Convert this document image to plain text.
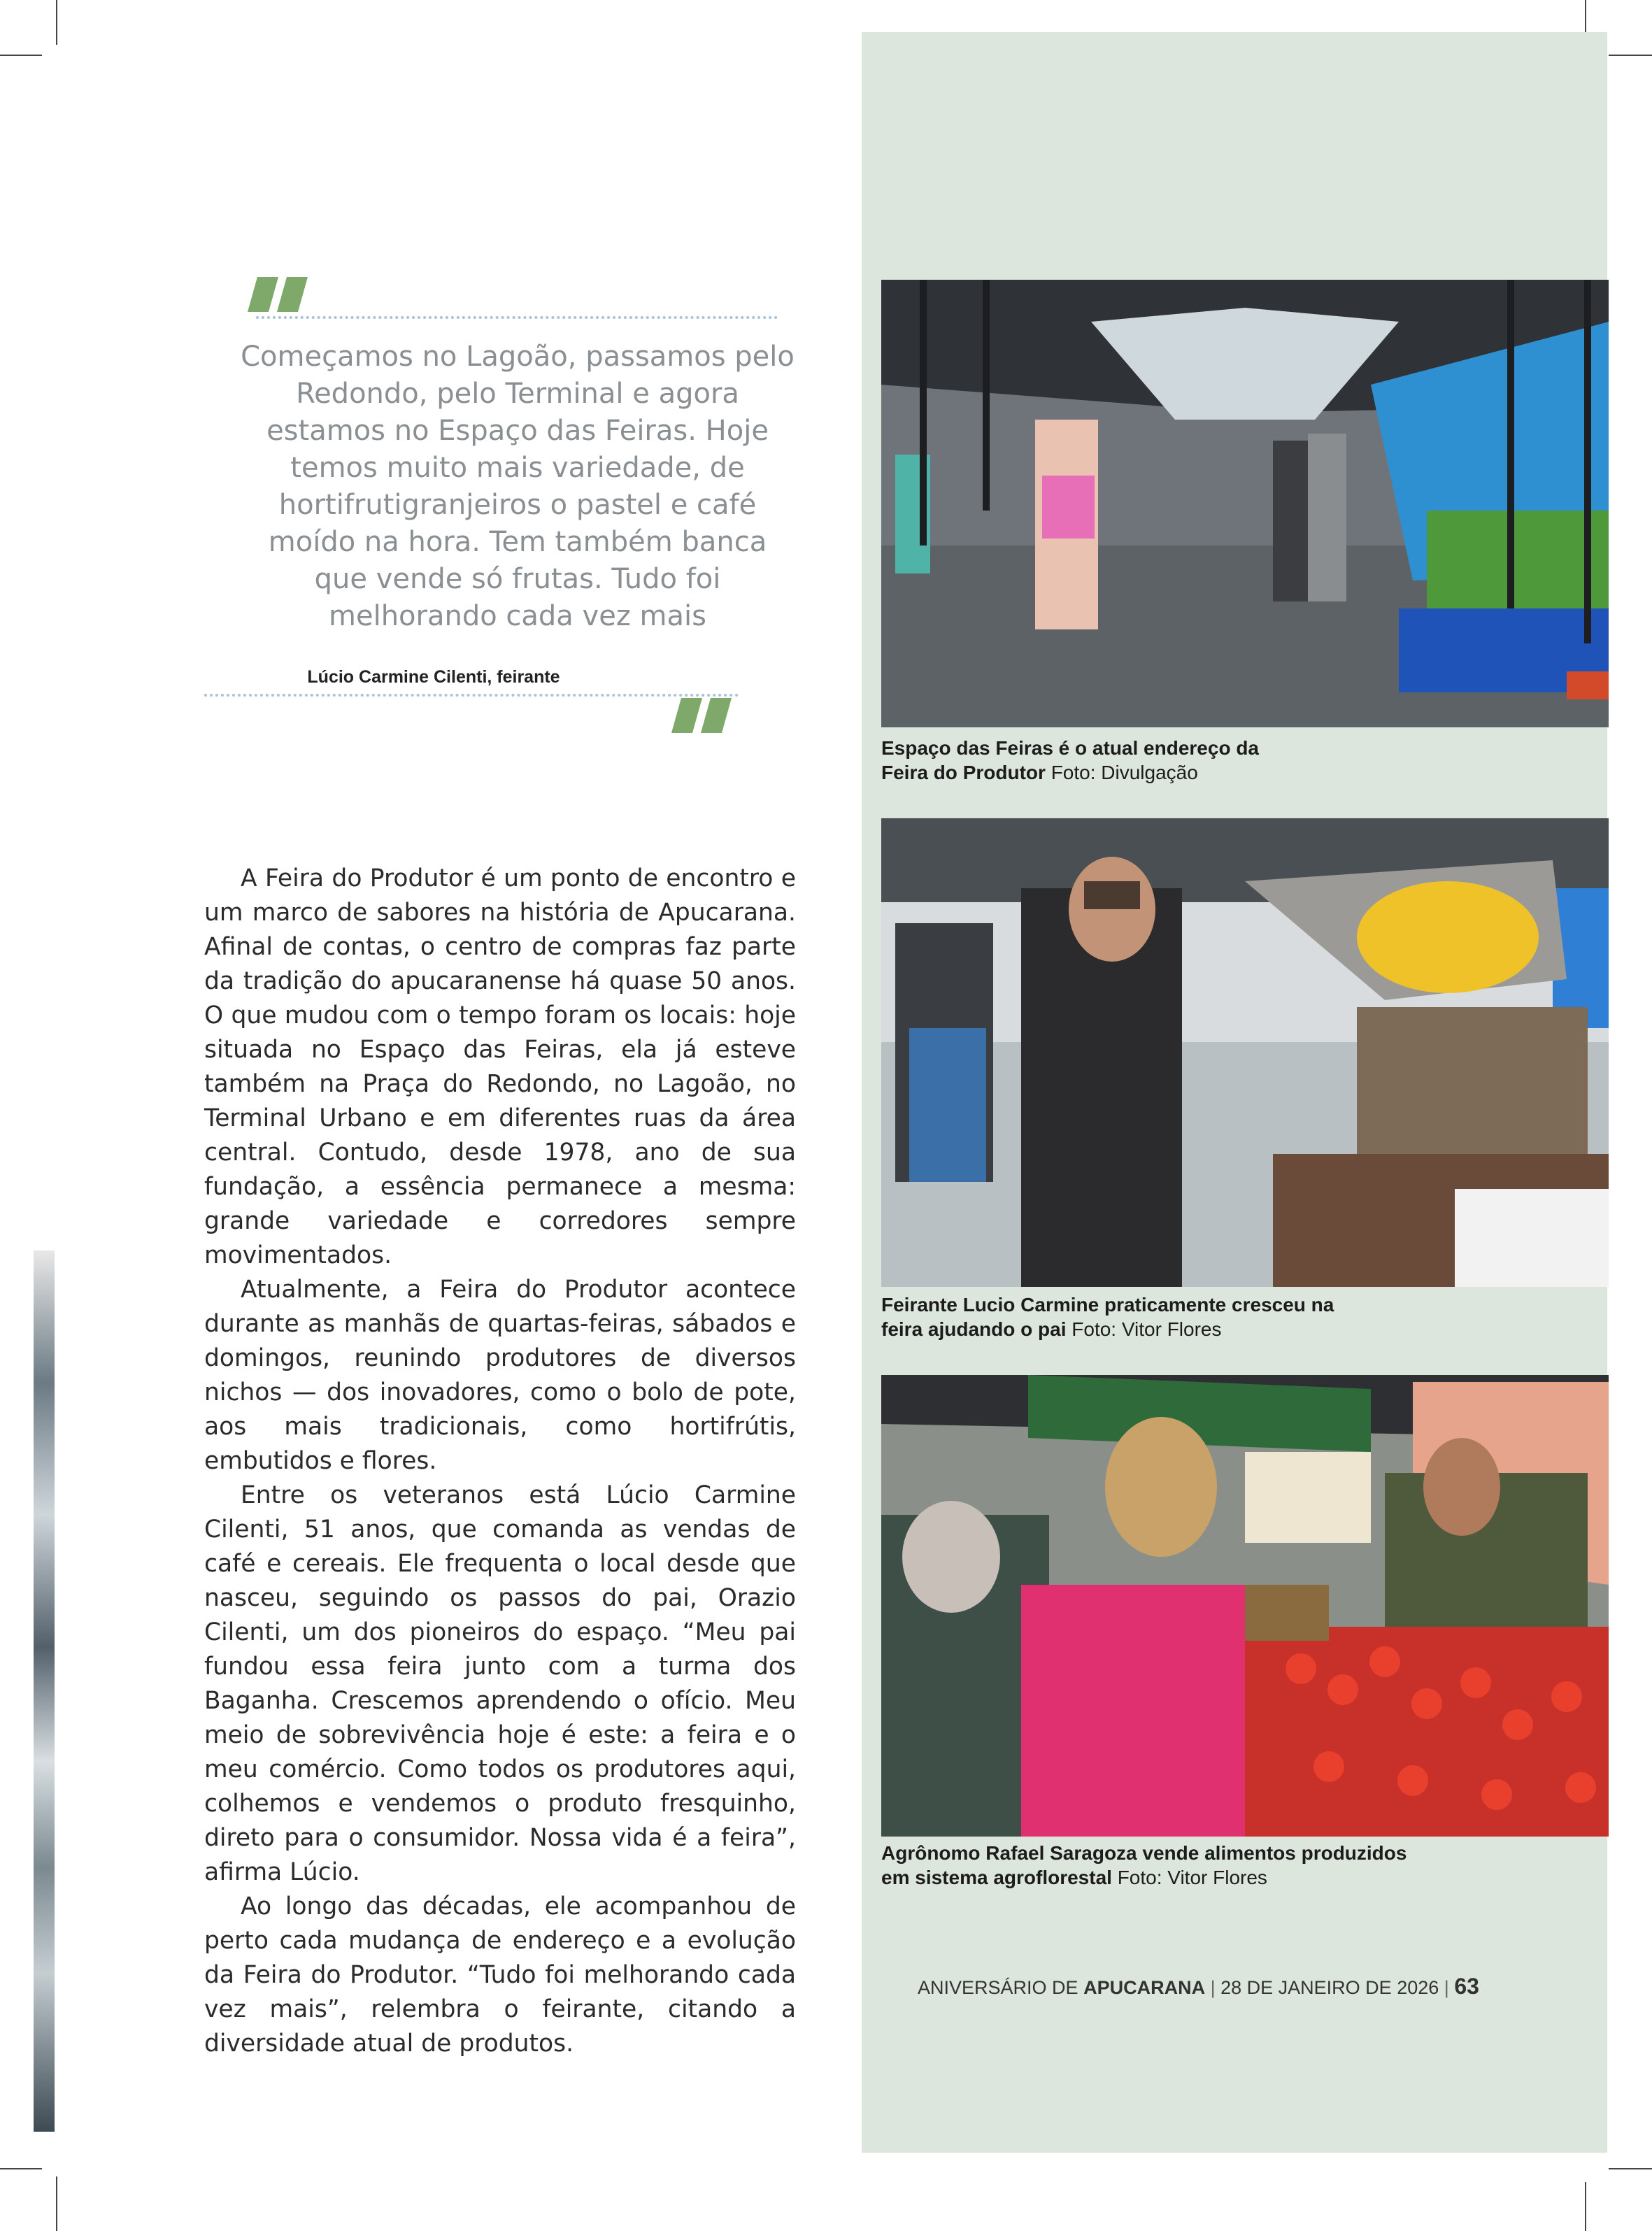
Começamos no Lagoão, passamos pelo Redondo, pelo Terminal e agora estamos no Espaço das Feiras. Hoje temos muito mais variedade, de hortifrutigranjeiros o pastel e café moído na hora. Tem também banca que vende só frutas. Tudo foi melhorando cada vez mais
Lúcio Carmine Cilenti, feirante

A Feira do Produtor é um ponto de encontro e um marco de sabores na história de Apucarana. Afinal de contas, o centro de compras faz parte da tradição do apucaranense há quase 50 anos. O que mudou com o tempo foram os locais: hoje situada no Espaço das Feiras, ela já esteve também na Praça do Redondo, no Lagoão, no Terminal Urbano e em diferentes ruas da área central. Contudo, desde 1978, ano de sua fundação, a essência permanece a mesma: grande variedade e corredores sempre movimentados.

Atualmente, a Feira do Produtor acontece durante as manhãs de quartas-feiras, sábados e domingos, reunindo produtores de diversos nichos — dos inovadores, como o bolo de pote, aos mais tradicionais, como hortifrútis, embutidos e flores.

Entre os veteranos está Lúcio Carmine Cilenti, 51 anos, que comanda as vendas de café e cereais. Ele frequenta o local desde que nasceu, seguindo os passos do pai, Orazio Cilenti, um dos pioneiros do espaço. “Meu pai fundou essa feira junto com a turma dos Baganha. Crescemos aprendendo o ofício. Meu meio de sobrevivência hoje é este: a feira e o meu comércio. Como todos os produtores aqui, colhemos e vendemos o produto fresquinho, direto para o consumidor. Nossa vida é a feira”, afirma Lúcio.

Ao longo das décadas, ele acompanhou de perto cada mudança de endereço e a evolução da Feira do Produtor. “Tudo foi melhorando cada vez mais”, relembra o feirante, citando a diversidade atual de produtos.

Espaço das Feiras é o atual endereço da Feira do Produtor Foto: Divulgação
Feirante Lucio Carmine praticamente cresceu na feira ajudando o pai Foto: Vitor Flores
Agrônomo Rafael Saragoza vende alimentos produzidos em sistema agroflorestal Foto: Vitor Flores
ANIVERSÁRIO DE APUCARANA | 28 DE JANEIRO DE 2026 | 63
